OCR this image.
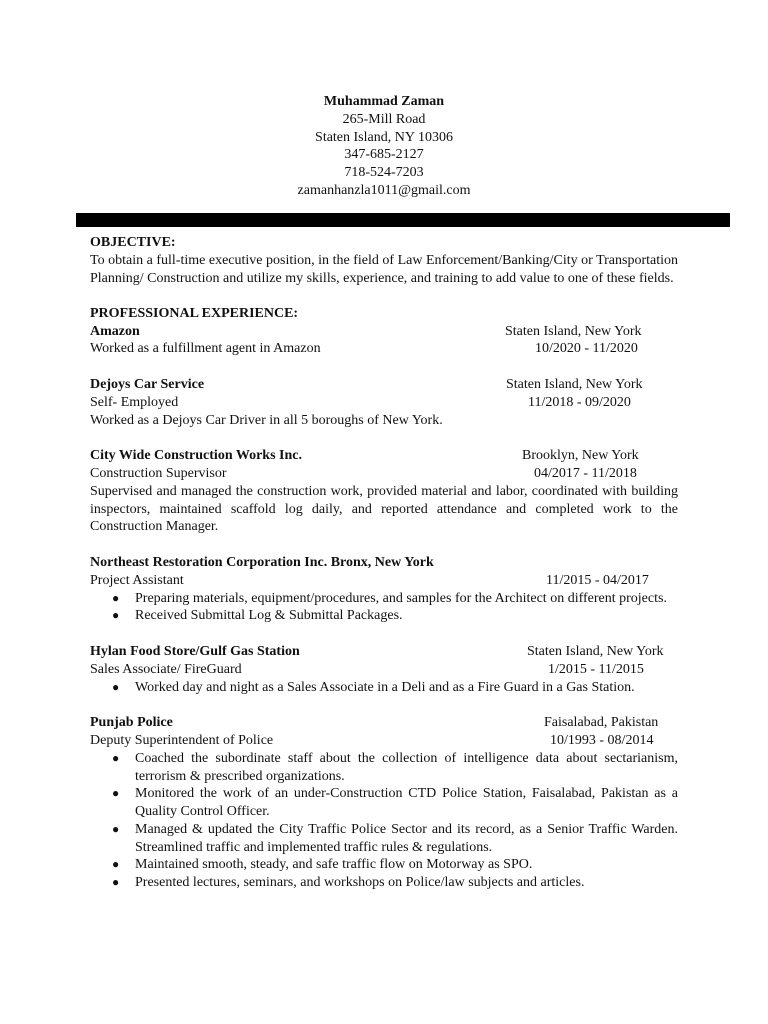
Muhammad Zaman
265-Mill Road
Staten Island, NY 10306
347-685-2127
718-524-7203
zamanhanzla1011@gmail.com
OBJECTIVE:
To obtain a full-time executive position, in the field of Law Enforcement/Banking/City or Transportation Planning/ Construction and utilize my skills, experience, and training to add value to one of these fields.
PROFESSIONAL EXPERIENCE:
Amazon	Staten Island, New York
Worked as a fulfillment agent in Amazon	10/2020 - 11/2020
Dejoys Car Service	Staten Island, New York
Self- Employed	11/2018 - 09/2020
Worked as a Dejoys Car Driver in all 5 boroughs of New York.
City Wide Construction Works Inc.	Brooklyn, New York
Construction Supervisor	04/2017 - 11/2018
Supervised and managed the construction work, provided material and labor, coordinated with building inspectors, maintained scaffold log daily, and reported attendance and completed work to the Construction Manager.
Northeast Restoration Corporation Inc. Bronx, New York
Project Assistant	11/2015 - 04/2017
● Preparing materials, equipment/procedures, and samples for the Architect on different projects.
● Received Submittal Log & Submittal Packages.
Hylan Food Store/Gulf Gas Station	Staten Island, New York
Sales Associate/ FireGuard	1/2015 - 11/2015
● Worked day and night as a Sales Associate in a Deli and as a Fire Guard in a Gas Station.
Punjab Police	Faisalabad, Pakistan
Deputy Superintendent of Police	10/1993 - 08/2014
● Coached the subordinate staff about the collection of intelligence data about sectarianism, terrorism & prescribed organizations.
● Monitored the work of an under-Construction CTD Police Station, Faisalabad, Pakistan as a Quality Control Officer.
● Managed & updated the City Traffic Police Sector and its record, as a Senior Traffic Warden. Streamlined traffic and implemented traffic rules & regulations.
● Maintained smooth, steady, and safe traffic flow on Motorway as SPO.
● Presented lectures, seminars, and workshops on Police/law subjects and articles.
